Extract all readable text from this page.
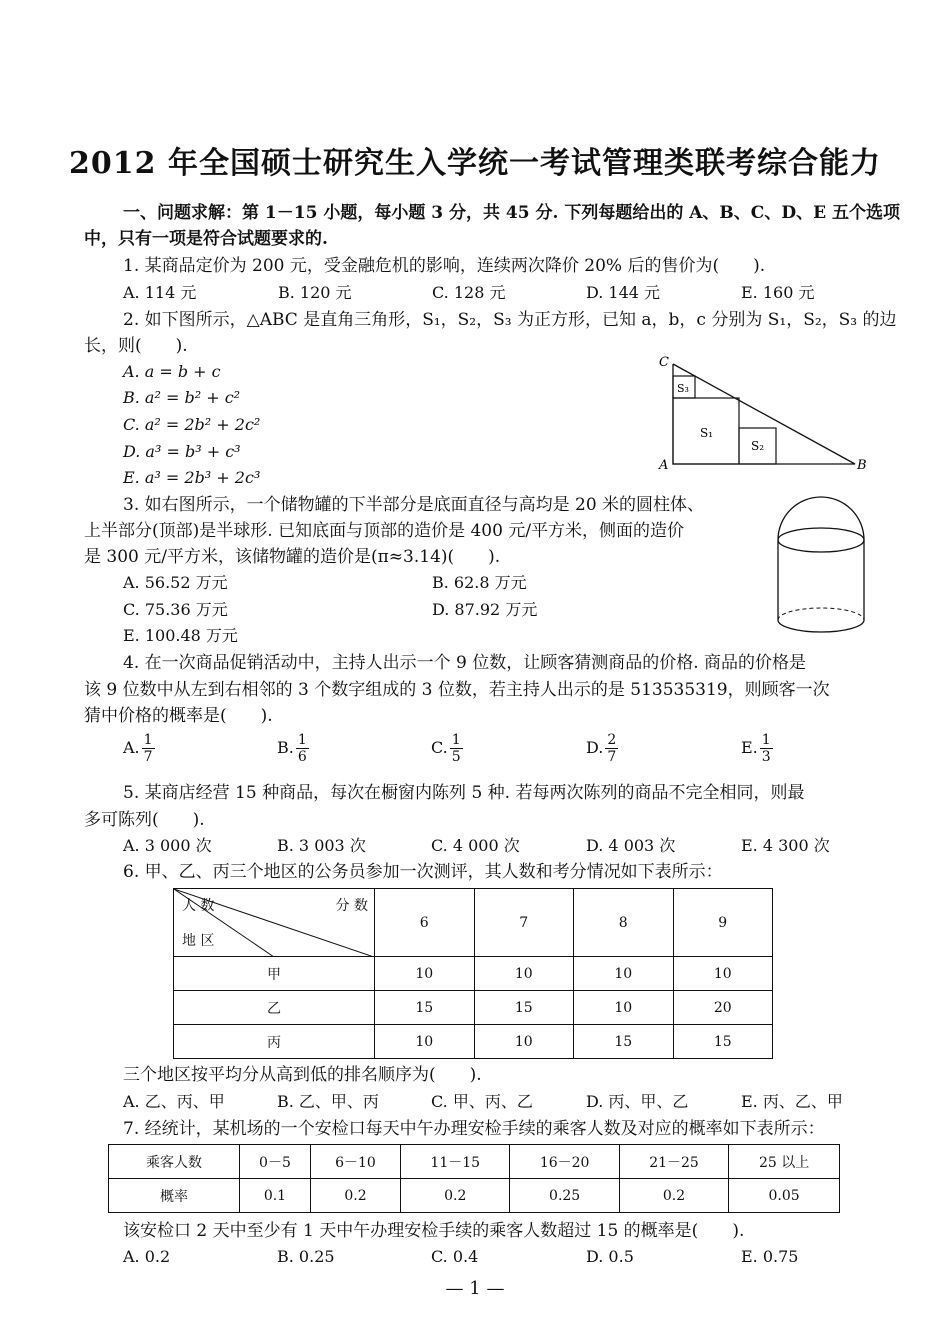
2012 年全国硕士研究生入学统一考试管理类联考综合能力
一、问题求解：第 1－15 小题，每小题 3 分，共 45 分. 下列每题给出的 A、B、C、D、E 五个选项
中，只有一项是符合试题要求的.
1. 某商品定价为 200 元，受金融危机的影响，连续两次降价 20% 后的售价为(　　).
A. 114 元	B. 120 元	C. 128 元	D. 144 元	E. 160 元
2. 如下图所示，△ABC 是直角三角形，S₁，S₂，S₃ 为正方形，已知 a，b，c 分别为 S₁，S₂，S₃ 的边
长，则(　　).
A. a = b + c
B. a² = b² + c²
C. a² = 2b² + 2c²
D. a³ = b³ + c³
E. a³ = 2b³ + 2c³
C
A	B
S₁
S₂
S₃
3. 如右图所示，一个储物罐的下半部分是底面直径与高均是 20 米的圆柱体、
上半部分(顶部)是半球形. 已知底面与顶部的造价是 400 元/平方米，侧面的造价
是 300 元/平方米，该储物罐的造价是(π≈3.14)(　　).
A. 56.52 万元	B. 62.8 万元
C. 75.36 万元	D. 87.92 万元
E. 100.48 万元
4. 在一次商品促销活动中，主持人出示一个 9 位数，让顾客猜测商品的价格. 商品的价格是
该 9 位数中从左到右相邻的 3 个数字组成的 3 位数，若主持人出示的是 513535319，则顾客一次
猜中价格的概率是(　　).
A. $\frac{1}{7}$	B. $\frac{1}{6}$	C. $\frac{1}{5}$	D. $\frac{2}{7}$	E. $\frac{1}{3}$
5. 某商店经营 15 种商品，每次在橱窗内陈列 5 种. 若每两次陈列的商品不完全相同，则最
多可陈列(　　).
A. 3 000 次	B. 3 003 次	C. 4 000 次	D. 4 003 次	E. 4 300 次
6. 甲、乙、丙三个地区的公务员参加一次测评，其人数和考分情况如下表所示：
人 数 分 数
地 区	6	7	8	9
甲	10	10	10	10
乙	15	15	10	20
丙	10	10	15	15
三个地区按平均分从高到低的排名顺序为(　　).
A. 乙、丙、甲	B. 乙、甲、丙	C. 甲、丙、乙	D. 丙、甲、乙	E. 丙、乙、甲
7. 经统计，某机场的一个安检口每天中午办理安检手续的乘客人数及对应的概率如下表所示：
乘客人数	0－5	6－10	11－15	16－20	21－25	25 以上
概率	0.1	0.2	0.2	0.25	0.2	0.05
该安检口 2 天中至少有 1 天中午办理安检手续的乘客人数超过 15 的概率是(　　).
A. 0.2	B. 0.25	C. 0.4	D. 0.5	E. 0.75
— 1 —
